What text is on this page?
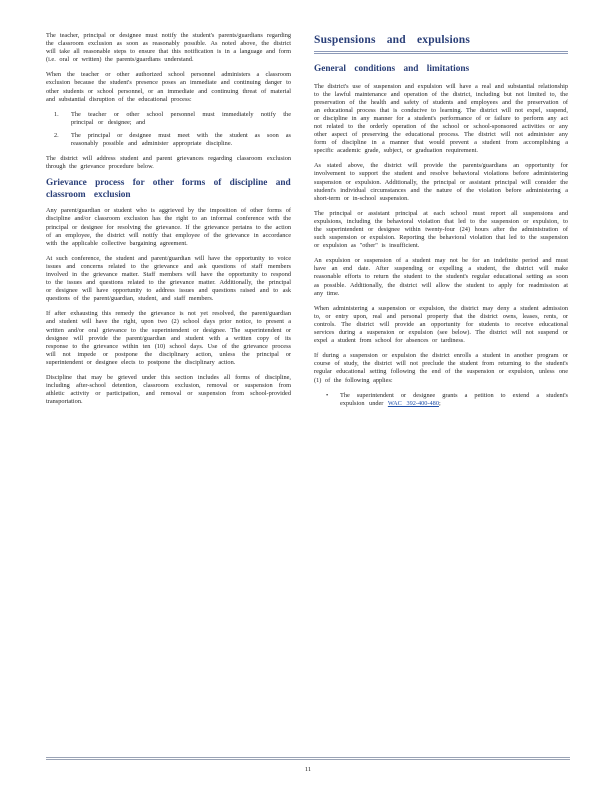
The teacher, principal or designee must notify the student's parents/guardians regarding the classroom exclusion as soon as reasonably possible. As noted above, the district will take all reasonable steps to ensure that this notification is in a language and form (i.e. oral or written) the parents/guardians understand.

When the teacher or other authorized school personnel administers a classroom exclusion because the student's presence poses an immediate and continuing danger to other students or school personnel, or an immediate and continuing threat of material and substantial disruption of the educational process:

1. The teacher or other school personnel must immediately notify the principal or designee; and
2. The principal or designee must meet with the student as soon as reasonably possible and administer appropriate discipline.

The district will address student and parent grievances regarding classroom exclusion through the grievance procedure below.

Grievance process for other forms of discipline and classroom exclusion

Any parent/guardian or student who is aggrieved by the imposition of other forms of discipline and/or classroom exclusion has the right to an informal conference with the principal or designee for resolving the grievance. If the grievance pertains to the action of an employee, the district will notify that employee of the grievance in accordance with the applicable collective bargaining agreement.

At such conference, the student and parent/guardian will have the opportunity to voice issues and concerns related to the grievance and ask questions of staff members involved in the grievance matter. Staff members will have the opportunity to respond to the issues and questions related to the grievance matter. Additionally, the principal or designee will have opportunity to address issues and questions raised and to ask questions of the parent/guardian, student, and staff members.

If after exhausting this remedy the grievance is not yet resolved, the parent/guardian and student will have the right, upon two (2) school days prior notice, to present a written and/or oral grievance to the superintendent or designee. The superintendent or designee will provide the parent/guardian and student with a written copy of its response to the grievance within ten (10) school days. Use of the grievance process will not impede or postpone the disciplinary action, unless the principal or superintendent or designee elects to postpone the disciplinary action.

Discipline that may be grieved under this section includes all forms of discipline, including after-school detention, classroom exclusion, removal or suspension from athletic activity or participation, and removal or suspension from school-provided transportation.

Suspensions and expulsions
General conditions and limitations

The district's use of suspension and expulsion will have a real and substantial relationship to the lawful maintenance and operation of the district, including but not limited to, the preservation of the health and safety of students and employees and the preservation of an educational process that is conducive to learning. The district will not expel, suspend, or discipline in any manner for a student's performance of or failure to perform any act not related to the orderly operation of the school or school-sponsored activities or any other aspect of preserving the educational process. The district will not administer any form of discipline in a manner that would prevent a student from accomplishing a specific academic grade, subject, or graduation requirement.

As stated above, the district will provide the parents/guardians an opportunity for involvement to support the student and resolve behavioral violations before administering suspension or expulsion. Additionally, the principal or assistant principal will consider the student's individual circumstances and the nature of the violation before administering a short-term or in-school suspension.

The principal or assistant principal at each school must report all suspensions and expulsions, including the behavioral violation that led to the suspension or expulsion, to the superintendent or designee within twenty-four (24) hours after the administration of such suspension or expulsion. Reporting the behavioral violation that led to the suspension or expulsion as "other" is insufficient.

An expulsion or suspension of a student may not be for an indefinite period and must have an end date. After suspending or expelling a student, the district will make reasonable efforts to return the student to the student's regular educational setting as soon as possible. Additionally, the district will allow the student to apply for readmission at any time.

When administering a suspension or expulsion, the district may deny a student admission to, or entry upon, real and personal property that the district owns, leases, rents, or controls. The district will provide an opportunity for students to receive educational services during a suspension or expulsion (see below). The district will not suspend or expel a student from school for absences or tardiness.

If during a suspension or expulsion the district enrolls a student in another program or course of study, the district will not preclude the student from returning to the student's regular educational setting following the end of the suspension or expulsion, unless one (1) of the following applies:

• The superintendent or designee grants a petition to extend a student's expulsion under WAC 392-400-480;
11
